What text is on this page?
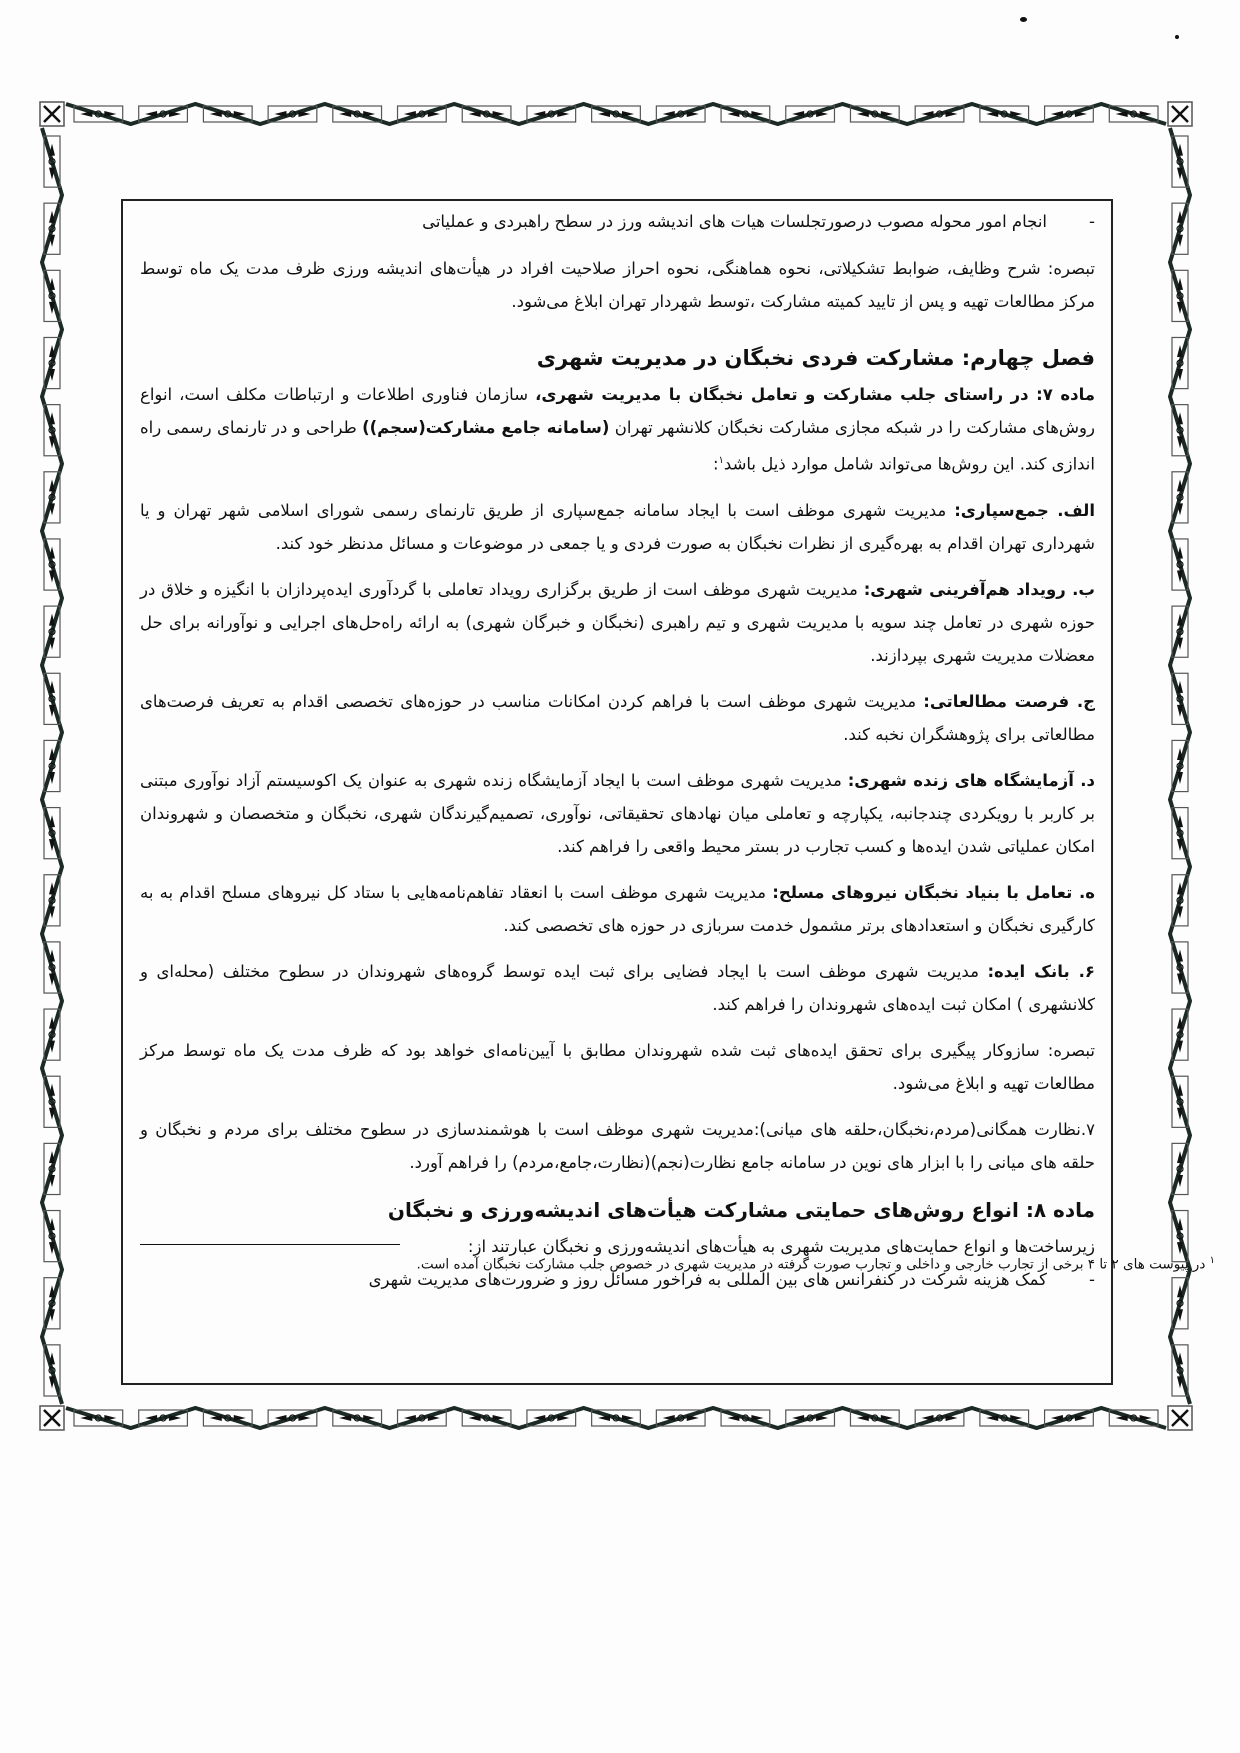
-
انجام امور محوله مصوب درصورتجلسات هیات های اندیشه ورز در سطح راهبردی و عملیاتی

تبصره: شرح وظایف، ضوابط تشکیلاتی، نحوه هماهنگی، نحوه احراز صلاحیت افراد در هیأت‌های اندیشه ورزی ظرف مدت یک ماه توسط مرکز مطالعات تهیه و پس از تایید کمیته مشارکت ،توسط شهردار تهران ابلاغ می‌شود.

فصل چهارم: مشارکت فردی نخبگان در مدیریت شهری

ماده ۷: در راستای جلب مشارکت و تعامل نخبگان با مدیریت شهری، سازمان فناوری اطلاعات و ارتباطات مکلف است، انواع روش‌های مشارکت را در شبکه مجازی مشارکت نخبگان کلانشهر تهران (سامانه جامع مشارکت(سجم)) طراحی و در تارنمای رسمی راه اندازی کند. این روش‌ها می‌تواند شامل موارد ذیل باشد$^۱$:

الف. جمع‌سپاری: مدیریت شهری موظف است با ایجاد سامانه جمع‌سپاری از طریق تارنمای رسمی شورای اسلامی شهر تهران و یا شهرداری تهران اقدام به بهره‌گیری از نظرات نخبگان به صورت فردی و یا جمعی در موضوعات و مسائل مدنظر خود کند.

ب. رویداد هم‌آفرینی شهری: مدیریت شهری موظف است از طریق برگزاری رویداد تعاملی با گردآوری ایده‌پردازان با انگیزه و خلاق در حوزه شهری در تعامل چند سویه با مدیریت شهری و تیم راهبری (نخبگان و خبرگان شهری) به ارائه راه‌حل‌های اجرایی و نوآورانه برای حل معضلات مدیریت شهری بپردازند.

ج. فرصت مطالعاتی: مدیریت شهری موظف است با فراهم کردن امکانات مناسب در حوزه‌های تخصصی اقدام به تعریف فرصت‌های مطالعاتی برای پژوهشگران نخبه کند.

د. آزمایشگاه های زنده شهری: مدیریت شهری موظف است با ایجاد آزمایشگاه زنده شهری به عنوان یک اکوسیستم آزاد نوآوری مبتنی بر کاربر با رویکردی چندجانبه، یکپارچه و تعاملی میان نهادهای تحقیقاتی، نوآوری، تصمیم‌گیرندگان شهری، نخبگان و متخصصان و شهروندان امکان عملیاتی شدن ایده‌ها و کسب تجارب در بستر محیط واقعی را فراهم کند.

ه. تعامل با بنیاد نخبگان نیروهای مسلح: مدیریت شهری موظف است با انعقاد تفاهم‌نامه‌هایی با ستاد کل نیروهای مسلح اقدام به به کارگیری نخبگان و استعدادهای برتر مشمول خدمت سربازی در حوزه های تخصصی کند.

۶. بانک ایده: مدیریت شهری موظف است با ایجاد فضایی برای ثبت ایده توسط گروه‌های شهروندان در سطوح مختلف (محله‌ای و کلانشهری ) امکان ثبت ایده‌های شهروندان را فراهم کند.

تبصره: سازوکار پیگیری برای تحقق ایده‌های ثبت شده شهروندان مطابق با آیین‌نامه‌ای خواهد بود که ظرف مدت یک ماه توسط مرکز مطالعات تهیه و ابلاغ می‌شود.

۷.نظارت همگانی(مردم،نخبگان،حلقه های میانی):مدیریت شهری موظف است با هوشمندسازی در سطوح مختلف برای مردم و نخبگان و حلقه های میانی را با ابزار های نوین در سامانه جامع نظارت(نجم)(نظارت،جامع،مردم) را فراهم آورد.

ماده ۸: انواع روش‌های حمایتی مشارکت هیأت‌های اندیشه‌ورزی و نخبگان

زیرساخت‌ها و انواع حمایت‌های مدیریت شهری به هیأت‌های اندیشه‌ورزی و نخبگان عبارتند از:

-
کمک هزینه شرکت در کنفرانس های بین المللی به فراخور مسائل روز و ضرورت‌های مدیریت شهری

$^۱$ در پیوست های ۲ تا ۴ برخی از تجارب خارجی و داخلی و تجارب صورت گرفته در مدیریت شهری در خصوص جلب مشارکت نخبگان آمده است.
